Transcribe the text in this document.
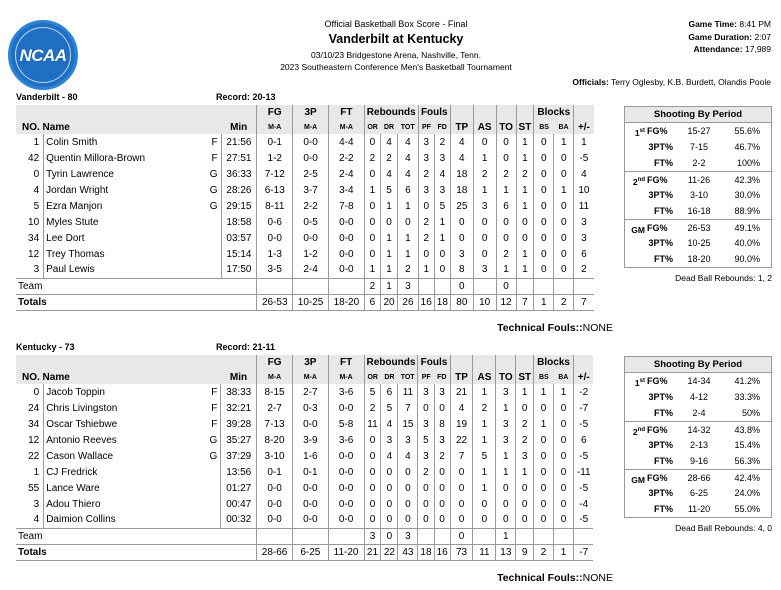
NCAA
Official Basketball Box Score - Final
Vanderbilt at Kentucky
03/10/23 Bridgestone Arena, Nashville, Tenn.
2023 Southeastern Conference Men's Basketball Tournament
Game Time: 8:41 PM
Game Duration: 2:07
Attendance: 17,989
Officials: Terry Oglesby, K.B. Burdett, Olandis Poole
Vanderbilt - 80	Record: 20-13
			FG	3P	FT	Rebounds			Fouls						Blocks		
NO. Name		Min	M-A	M-A	M-A	OR	DR	TOT	PF	FD	TP	AS	TO	ST	BS	BA	+/-
1	Colin Smith F	21:56	0-1	0-0	4-4	0	4	4	3	2	4	0	0	1	0	1	1
42	Quentin Millora-Brown F	27:51	1-2	0-0	2-2	2	2	4	3	3	4	1	0	1	0	0	-5
0	Tyrin Lawrence G	36:33	7-12	2-5	2-4	0	4	4	2	4	18	2	2	2	0	0	4
4	Jordan Wright G	28:26	6-13	3-7	3-4	1	5	6	3	3	18	1	1	1	0	1	10
5	Ezra Manjon G	29:15	8-11	2-2	7-8	0	1	1	0	5	25	3	6	1	0	0	11
10	Myles Stute	18:58	0-6	0-5	0-0	0	0	0	2	1	0	0	0	0	0	0	3
34	Lee Dort	03:57	0-0	0-0	0-0	0	1	1	2	1	0	0	0	0	0	0	3
12	Trey Thomas	15:14	1-3	1-2	0-0	0	1	1	0	0	3	0	2	1	0	0	6
3	Paul Lewis	17:50	3-5	2-4	0-0	1	1	2	1	0	8	3	1	1	0	0	2
Team						2	1	3			0		0				
Totals			26-53	10-25	18-20	6	20	26	16	18	80	10	12	7	1	2	7
Technical Fouls::NONE
Shooting By Period
1st FG%	15-27	55.6%
3PT%	7-15	46.7%
FT%	2-2	100%
2nd FG%	11-26	42.3%
3PT%	3-10	30.0%
FT%	16-18	88.9%
GM FG%	26-53	49.1%
3PT%	10-25	40.0%
FT%	18-20	90.0%
Dead Ball Rebounds: 1, 2
Kentucky - 73	Record: 21-11
			FG	3P	FT	Rebounds			Fouls						Blocks		
NO. Name		Min	M-A	M-A	M-A	OR	DR	TOT	PF	FD	TP	AS	TO	ST	BS	BA	+/-
0	Jacob Toppin F	38:33	8-15	2-7	3-6	5	6	11	3	3	21	1	3	1	1	1	-2
24	Chris Livingston F	32:21	2-7	0-3	0-0	2	5	7	0	0	4	2	1	0	0	0	-7
34	Oscar Tshiebwe F	39:28	7-13	0-0	5-8	11	4	15	3	8	19	1	3	2	1	0	-5
12	Antonio Reeves G	35:27	8-20	3-9	3-6	0	3	3	5	3	22	1	3	2	0	0	6
22	Cason Wallace G	37:29	3-10	1-6	0-0	0	4	4	3	2	7	5	1	3	0	0	-5
1	CJ Fredrick	13:56	0-1	0-1	0-0	0	0	0	2	0	0	1	1	1	0	0	-11
55	Lance Ware	01:27	0-0	0-0	0-0	0	0	0	0	0	0	1	0	0	0	0	-5
3	Adou Thiero	00:47	0-0	0-0	0-0	0	0	0	0	0	0	0	0	0	0	0	-4
4	Daimion Collins	00:32	0-0	0-0	0-0	0	0	0	0	0	0	0	0	0	0	0	-5
Team						3	0	3			0		1				
Totals			28-66	6-25	11-20	21	22	43	18	16	73	11	13	9	2	1	-7
Technical Fouls::NONE
Shooting By Period
1st FG%	14-34	41.2%
3PT%	4-12	33.3%
FT%	2-4	50%
2nd FG%	14-32	43.8%
3PT%	2-13	15.4%
FT%	9-16	56.3%
GM FG%	28-66	42.4%
3PT%	6-25	24.0%
FT%	11-20	55.0%
Dead Ball Rebounds: 4, 0
